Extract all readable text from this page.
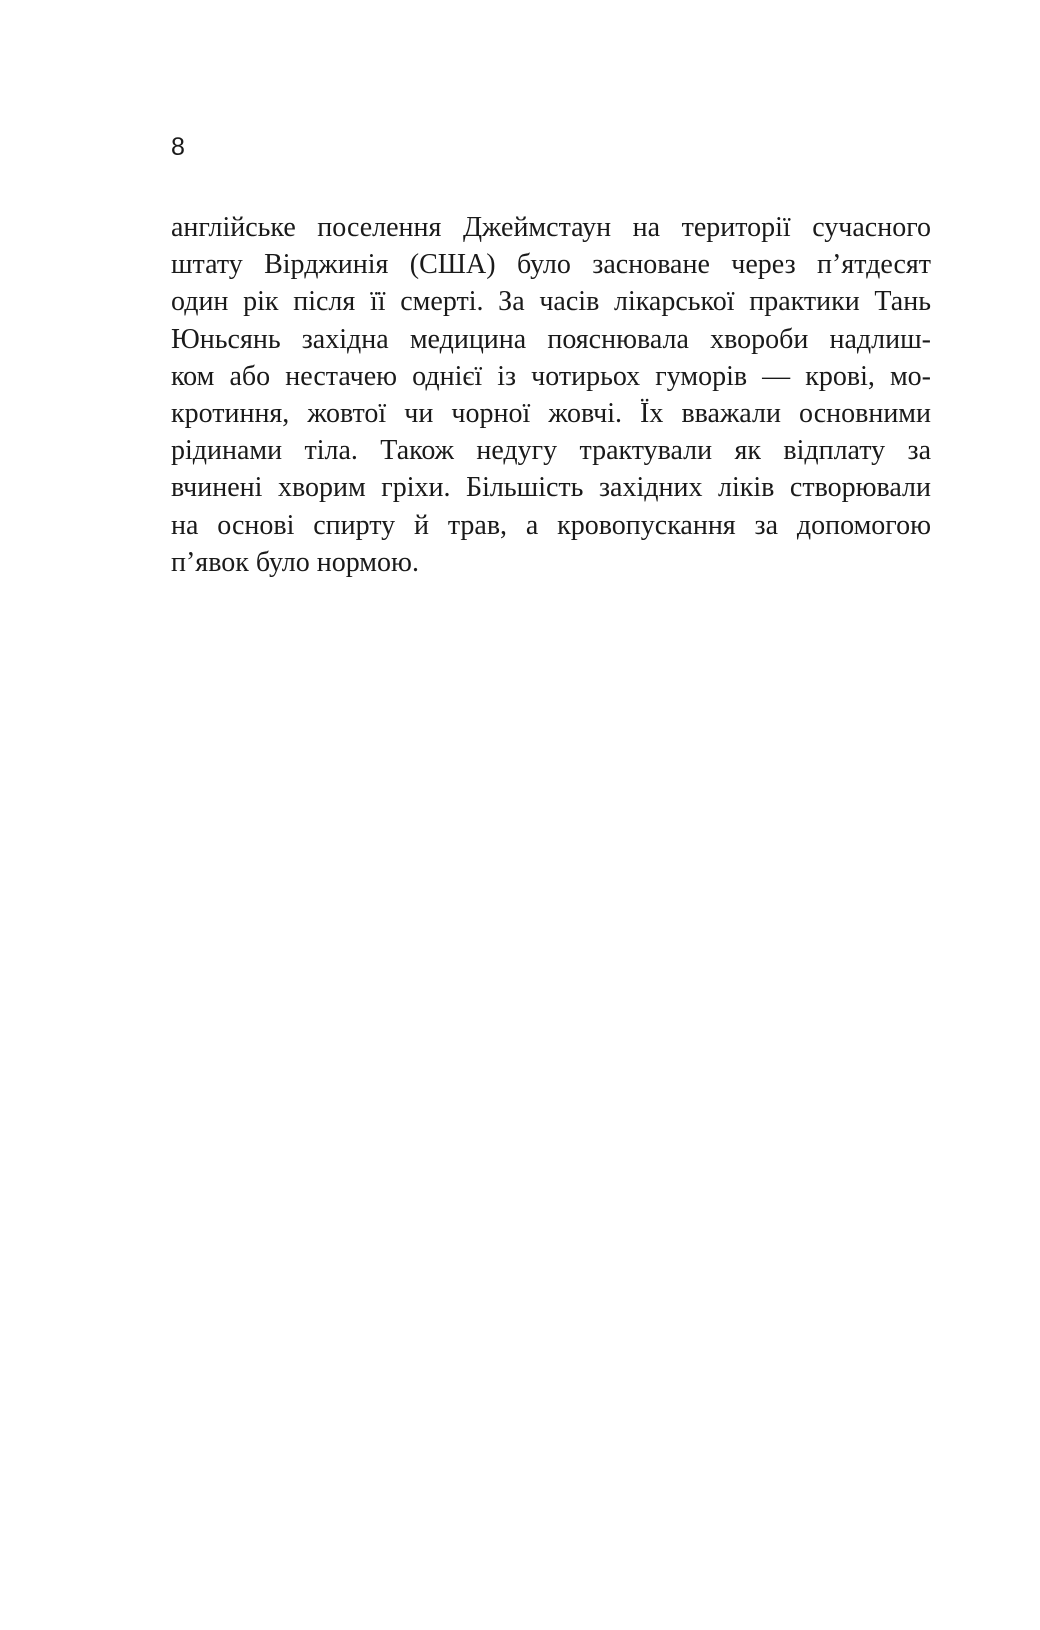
8
англійське поселення Джеймстаун на території сучасного
штату Вірджинія (США) було засноване через п’ятдесят
один рік після її смерті. За часів лікарської практики Тань
Юньсянь західна медицина пояснювала хвороби надлиш-
ком або нестачею однієї із чотирьох гуморів — крові, мо-
кротиння, жовтої чи чорної жовчі. Їх вважали основними
рідинами тіла. Також недугу трактували як відплату за
вчинені хворим гріхи. Більшість західних ліків створювали
на основі спирту й трав, а кровопускання за допомогою
п’явок було нормою.
